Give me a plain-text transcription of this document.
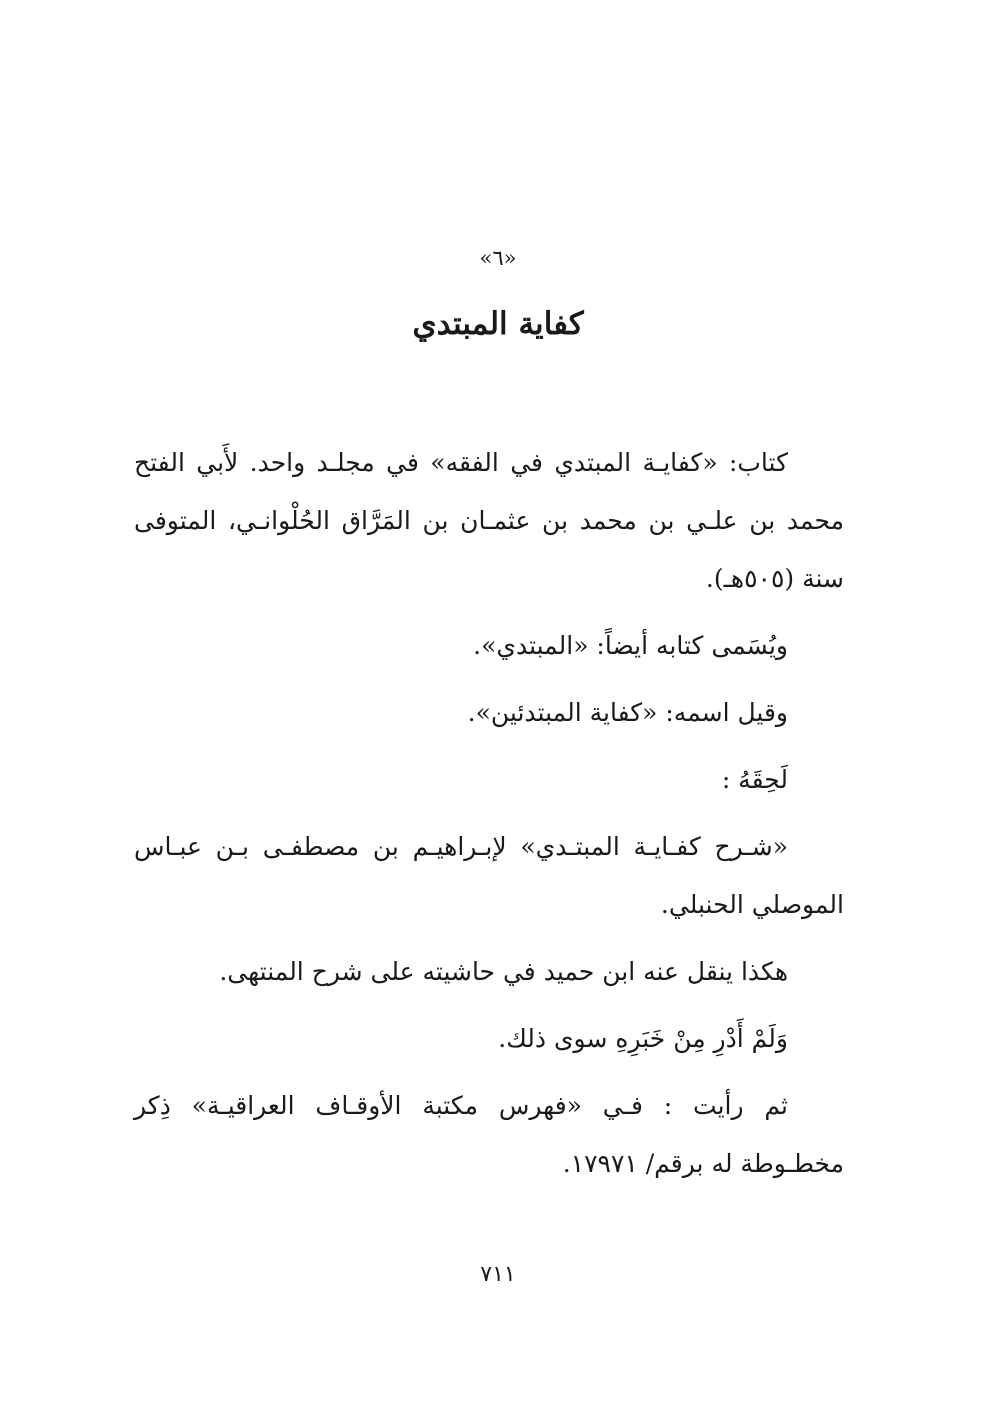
«٦»
كفاية المبتدي

كتاب: «كفايـة المبتدي في الفقه» في مجلـد واحد. لأَبي الفتح محمد بن علـي بن محمد بن عثمـان بن المَرَّاق الحُلْوانـي، المتوفى سنة (٥٠٥هـ).

ويُسَمى كتابه أيضاً: «المبتدي».

وقيل اسمه: «كفاية المبتدئين».

لَحِقَهُ :

«شـرح كفـايـة المبتـدي» لإبـراهيـم بن مصطفـى بـن عبـاس الموصلي الحنبلي.

هكذا ينقل عنه ابن حميد في حاشيته على شرح المنتهى.

وَلَمْ أَدْرِ مِنْ خَبَرِهِ سوى ذلك.

ثم رأيت : فـي «فهرس مكتبة الأوقـاف العراقيـة» ذِكر مخطـوطة له برقم/ ١٧٩٧١.

٧١١
